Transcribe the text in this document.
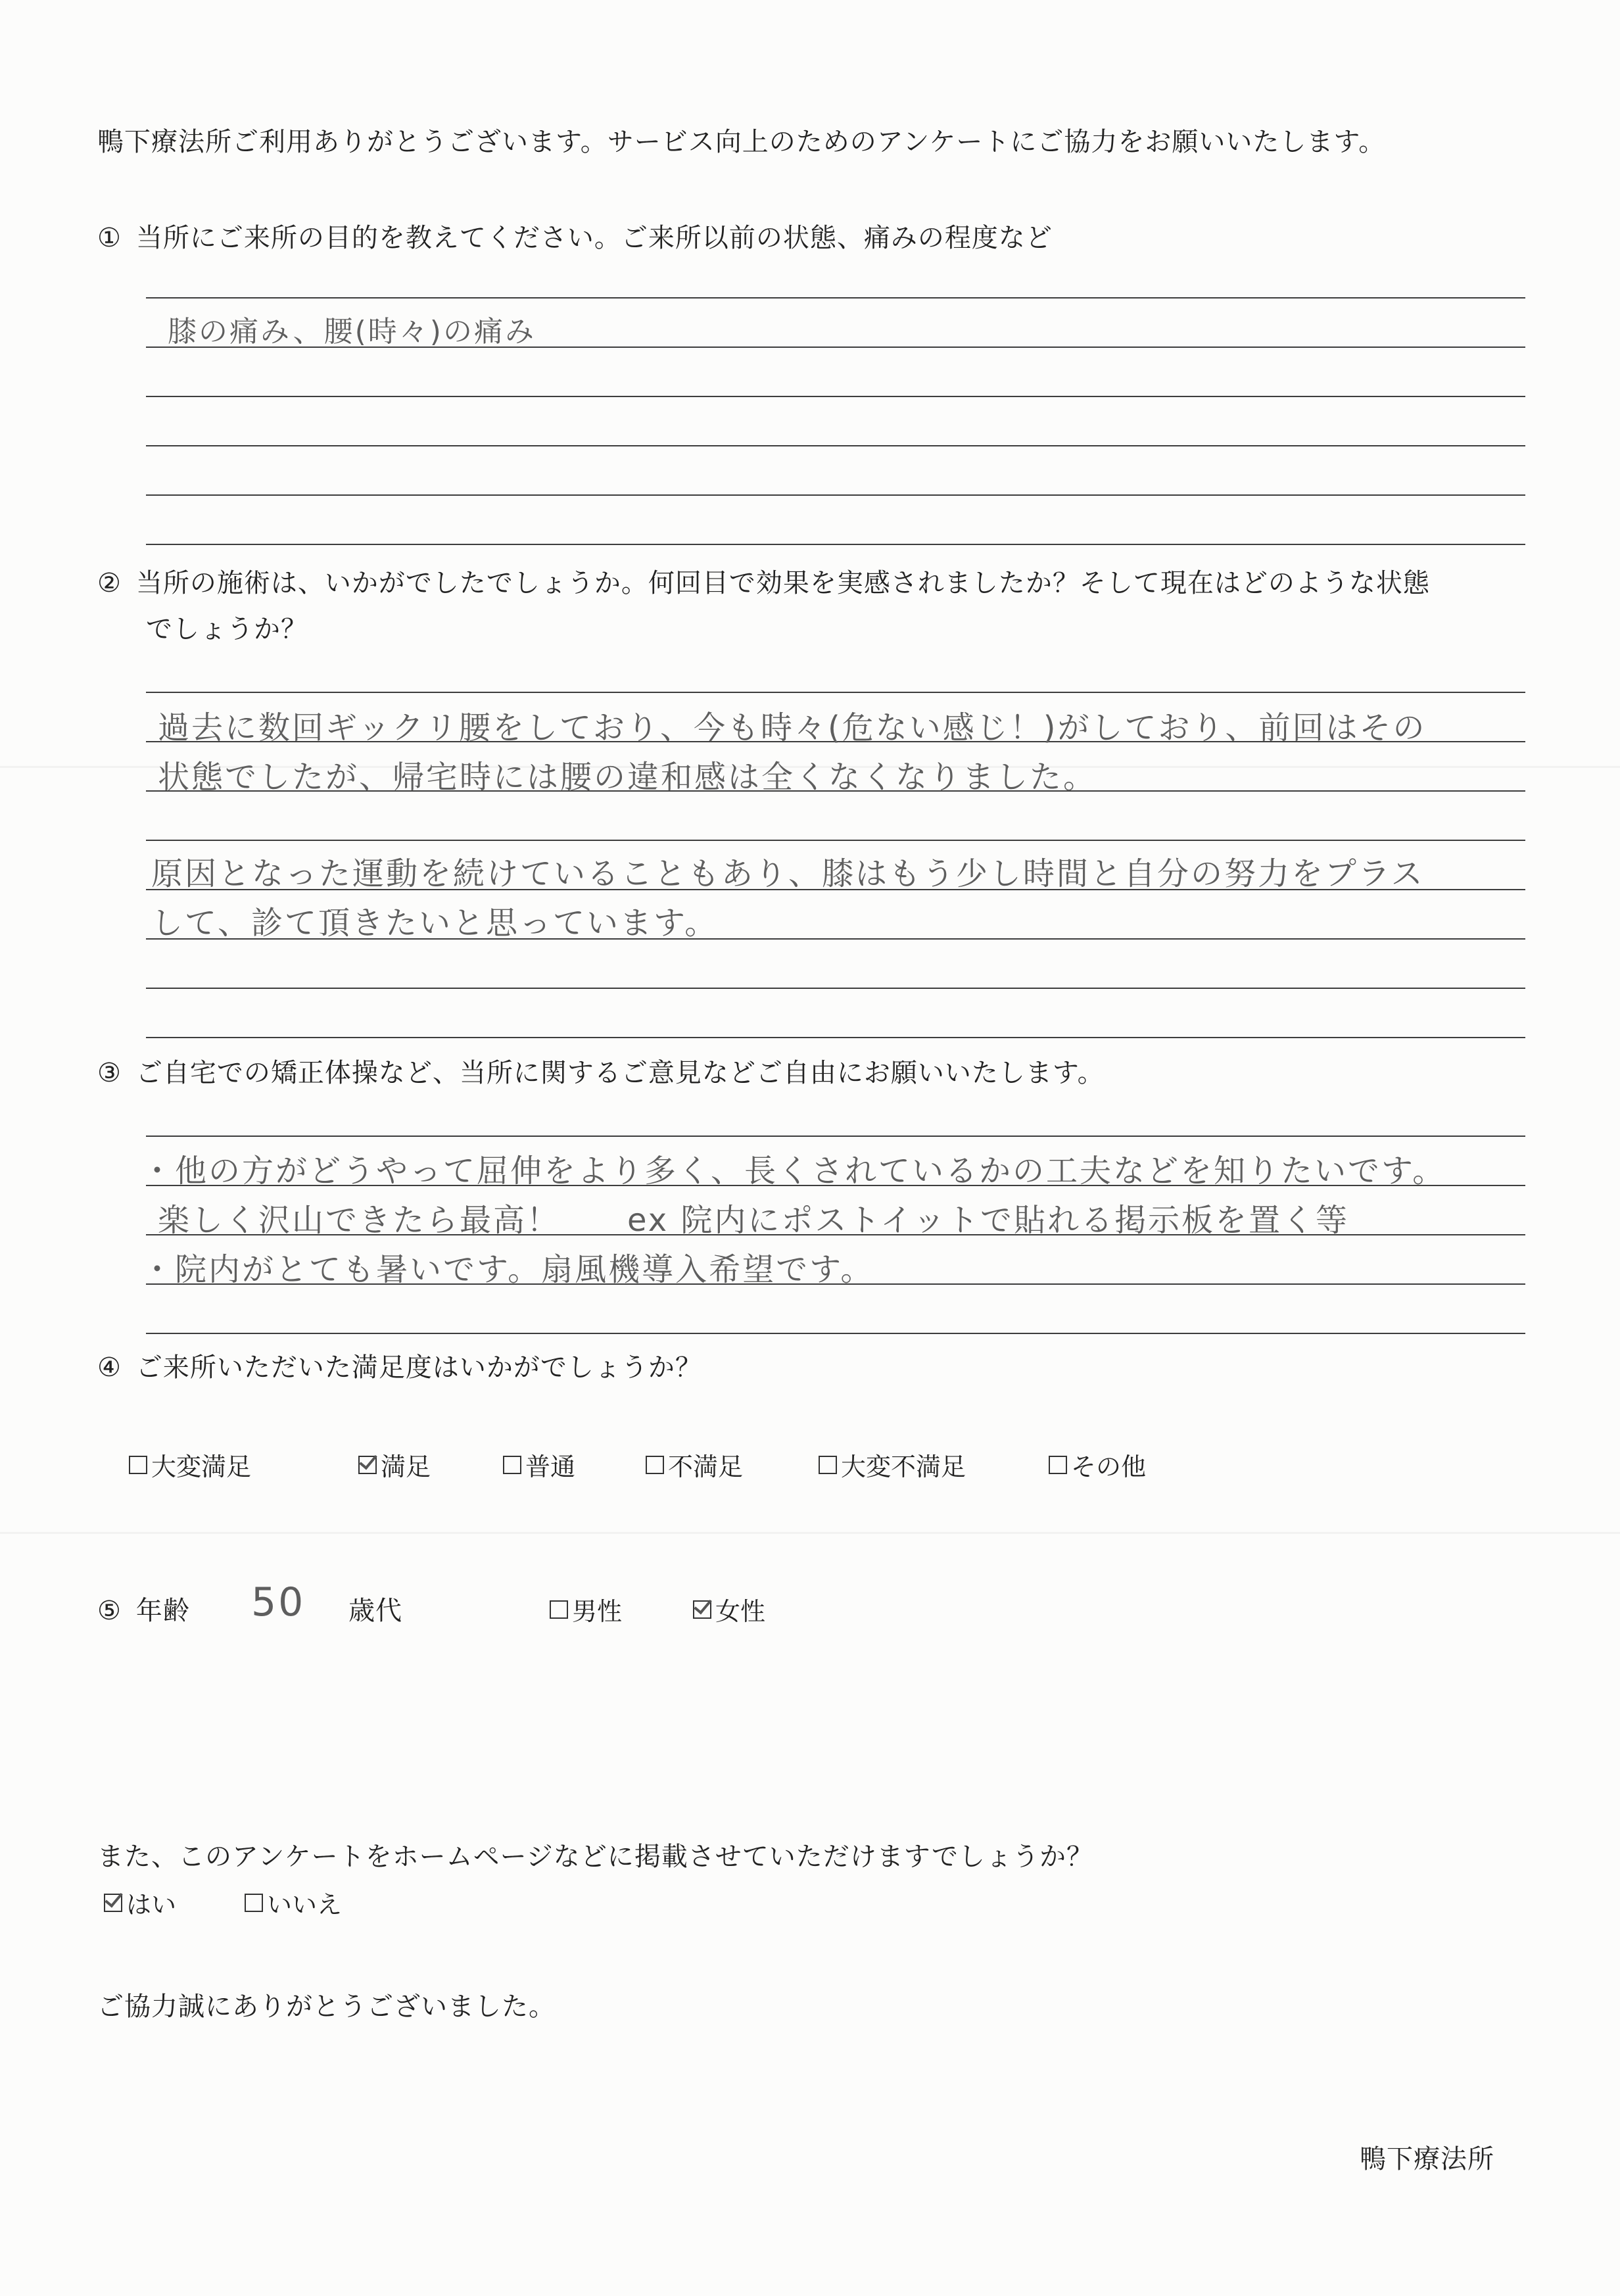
鴨下療法所ご利用ありがとうございます。サービス向上のためのアンケートにご協力をお願いいたします。
① 当所にご来所の目的を教えてください。ご来所以前の状態、痛みの程度など
膝の痛み、腰(時々)の痛み
② 当所の施術は、いかがでしたでしょうか。何回目で効果を実感されましたか？そして現在はどのような状態
でしょうか？
過去に数回ギックリ腰をしており、今も時々(危ない感じ！)がしており、前回はその
状態でしたが、帰宅時には腰の違和感は全くなくなりました。
原因となった運動を続けていることもあり、膝はもう少し時間と自分の努力をプラス
して、診て頂きたいと思っています。
③ ご自宅での矯正体操など、当所に関するご意見などご自由にお願いいたします。
・他の方がどうやって屈伸をより多く、長くされているかの工夫などを知りたいです。
楽しく沢山できたら最高！　　ex 院内にポストイットで貼れる掲示板を置く等
・院内がとても暑いです。扇風機導入希望です。
④ ご来所いただいた満足度はいかがでしょうか？
大変満足	満足	普通	不満足	大変不満足	その他
⑤ 年齢 50 歳代	男性	女性
また、このアンケートをホームページなどに掲載させていただけますでしょうか？
はい	いいえ
ご協力誠にありがとうございました。
鴨下療法所
